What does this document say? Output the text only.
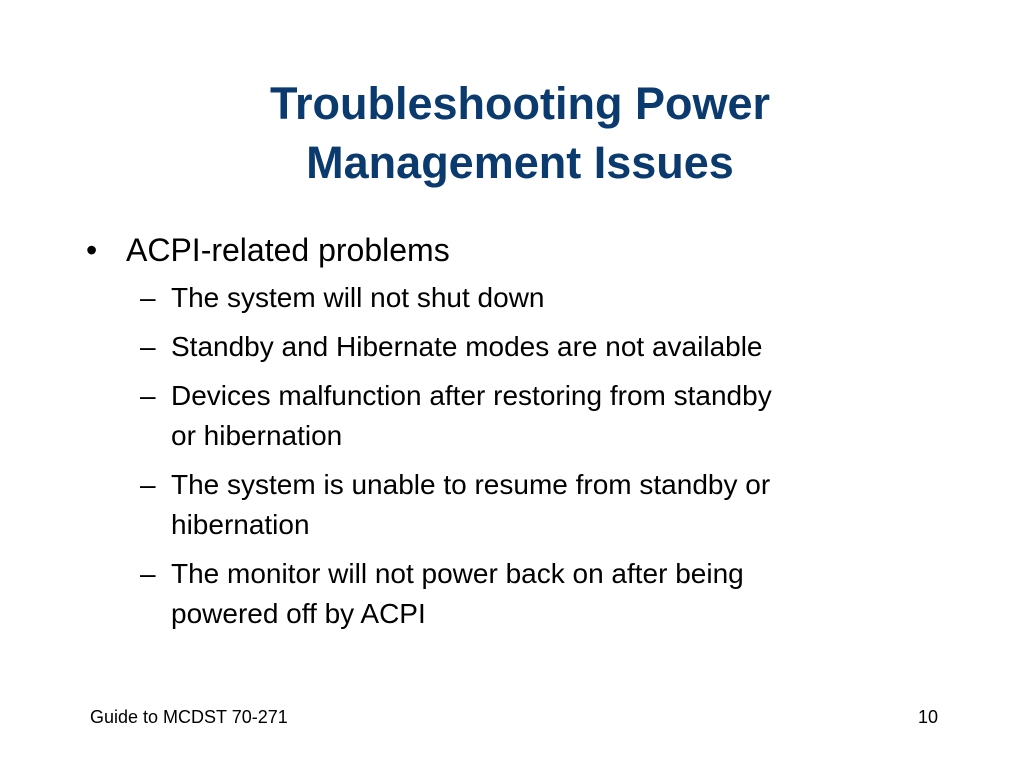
Troubleshooting Power
Management Issues
• ACPI-related problems
– The system will not shut down
– Standby and Hibernate modes are not available
– Devices malfunction after restoring from standby
or hibernation
– The system is unable to resume from standby or
hibernation
– The monitor will not power back on after being
powered off by ACPI
Guide to MCDST 70-271	10
